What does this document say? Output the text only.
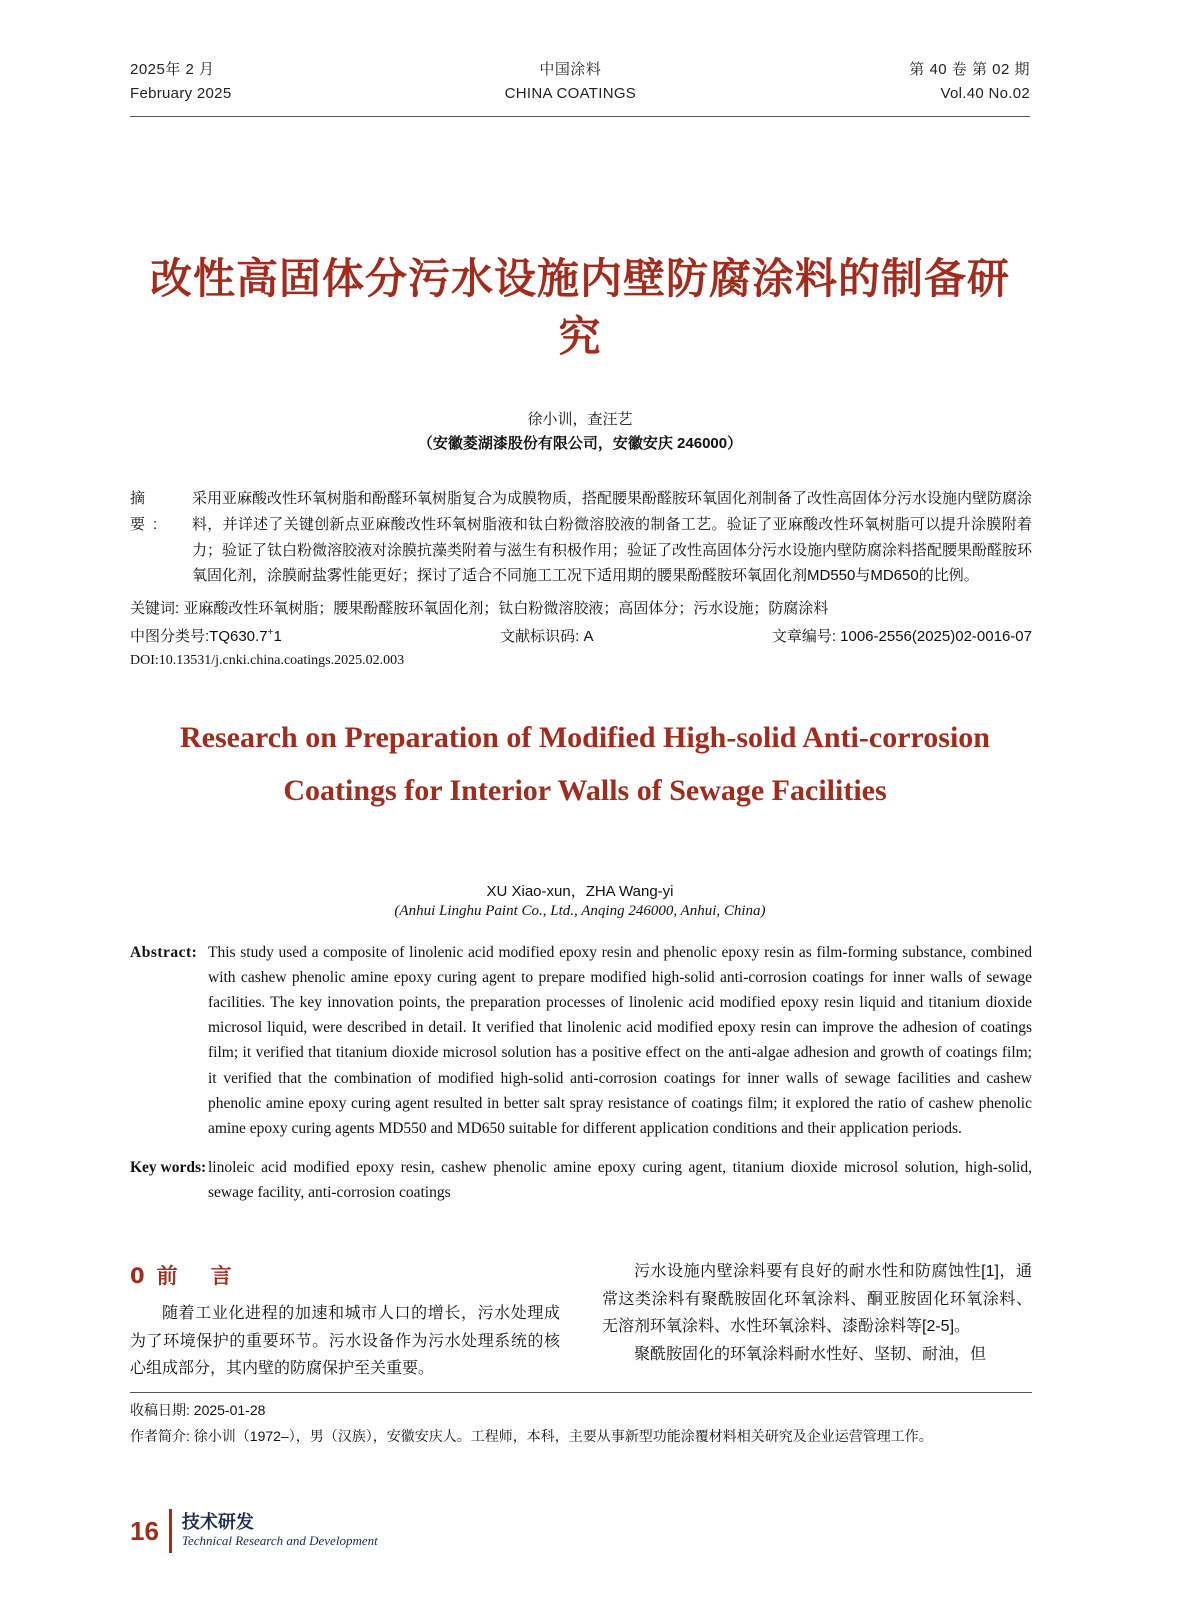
2025年 2 月
February 2025
中国涂料
CHINA COATINGS
第 40 卷 第 02 期
Vol.40 No.02
改性高固体分污水设施内壁防腐涂料的制备研究
徐小训，查汪艺
（安徽菱湖漆股份有限公司，安徽安庆 246000）
摘　要:
采用亚麻酸改性环氧树脂和酚醛环氧树脂复合为成膜物质，搭配腰果酚醛胺环氧固化剂制备了改性高固体分污水设施内壁防腐涂料，并详述了关键创新点亚麻酸改性环氧树脂液和钛白粉微溶胶液的制备工艺。验证了亚麻酸改性环氧树脂可以提升涂膜附着力；验证了钛白粉微溶胶液对涂膜抗藻类附着与滋生有积极作用；验证了改性高固体分污水设施内壁防腐涂料搭配腰果酚醛胺环氧固化剂，涂膜耐盐雾性能更好；探讨了适合不同施工工况下适用期的腰果酚醛胺环氧固化剂MD550与MD650的比例。
关键词: 亚麻酸改性环氧树脂；腰果酚醛胺环氧固化剂；钛白粉微溶胶液；高固体分；污水设施；防腐涂料
中图分类号:TQ630.7+1	文献标识码: A	文章编号: 1006-2556(2025)02-0016-07
DOI:10.13531/j.cnki.china.coatings.2025.02.003
Research on Preparation of Modified High-solid Anti-corrosion Coatings for Interior Walls of Sewage Facilities
XU Xiao-xun，ZHA Wang-yi
(Anhui Linghu Paint Co., Ltd., Anqing 246000, Anhui, China)
Abstract: This study used a composite of linolenic acid modified epoxy resin and phenolic epoxy resin as film-forming substance, combined with cashew phenolic amine epoxy curing agent to prepare modified high-solid anti-corrosion coatings for inner walls of sewage facilities. The key innovation points, the preparation processes of linolenic acid modified epoxy resin liquid and titanium dioxide microsol liquid, were described in detail. It verified that linolenic acid modified epoxy resin can improve the adhesion of coatings film; it verified that titanium dioxide microsol solution has a positive effect on the anti-algae adhesion and growth of coatings film; it verified that the combination of modified high-solid anti-corrosion coatings for inner walls of sewage facilities and cashew phenolic amine epoxy curing agent resulted in better salt spray resistance of coatings film; it explored the ratio of cashew phenolic amine epoxy curing agents MD550 and MD650 suitable for different application conditions and their application periods.
Key words: linoleic acid modified epoxy resin, cashew phenolic amine epoxy curing agent, titanium dioxide microsol solution, high-solid, sewage facility, anti-corrosion coatings
0前　言

随着工业化进程的加速和城市人口的增长，污水处理成为了环境保护的重要环节。污水设备作为污水处理系统的核心组成部分，其内壁的防腐保护至关重要。

污水设施内壁涂料要有良好的耐水性和防腐蚀性[1]，通常这类涂料有聚酰胺固化环氧涂料、酮亚胺固化环氧涂料、无溶剂环氧涂料、水性环氧涂料、漆酚涂料等[2-5]。

聚酰胺固化的环氧涂料耐水性好、坚韧、耐油，但

收稿日期: 2025-01-28
作者简介: 徐小训（1972–），男（汉族），安徽安庆人。工程师，本科，主要从事新型功能涂覆材料相关研究及企业运营管理工作。
16 技术研发
Technical Research and Development
